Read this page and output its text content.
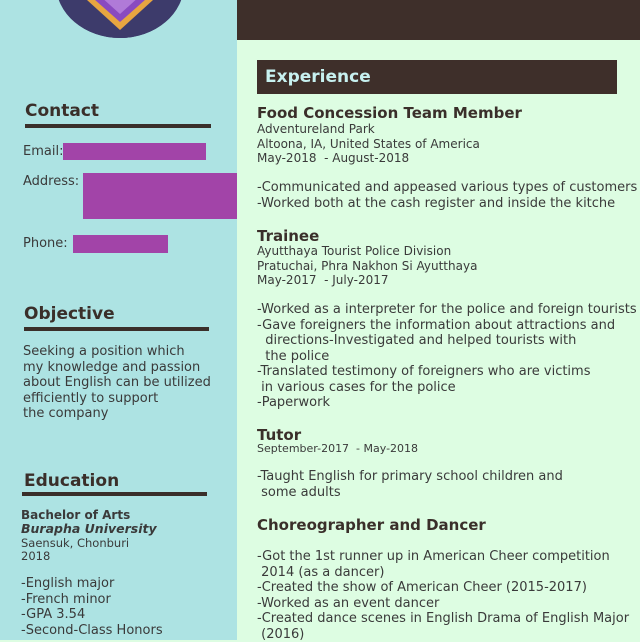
Contact
Email:
Address:
Phone:
Objective
Seeking a position which
my knowledge and passion
about English can be utilized
efficiently to support
the company
Education
Bachelor of Arts
Burapha University
Saensuk, Chonburi
2018
-English major
-French minor
-GPA 3.54
-Second-Class Honors
Experience
Food Concession Team Member
Adventureland Park
Altoona, IA, United States of America
May-2018  - August-2018
-Communicated and appeased various types of customers
-Worked both at the cash register and inside the kitche
Trainee
Ayutthaya Tourist Police Division
Pratuchai, Phra Nakhon Si Ayutthaya
May-2017  - July-2017
-Worked as a interpreter for the police and foreign tourists
-Gave foreigners the information about attractions and
directions-Investigated and helped tourists with
the police
-Translated testimony of foreigners who are victims
in various cases for the police
-Paperwork
Tutor
September-2017  - May-2018
-Taught English for primary school children and
some adults
Choreographer and Dancer
-Got the 1st runner up in American Cheer competition
2014 (as a dancer)
-Created the show of American Cheer (2015-2017)
-Worked as an event dancer
-Created dance scenes in English Drama of English Major
(2016)
